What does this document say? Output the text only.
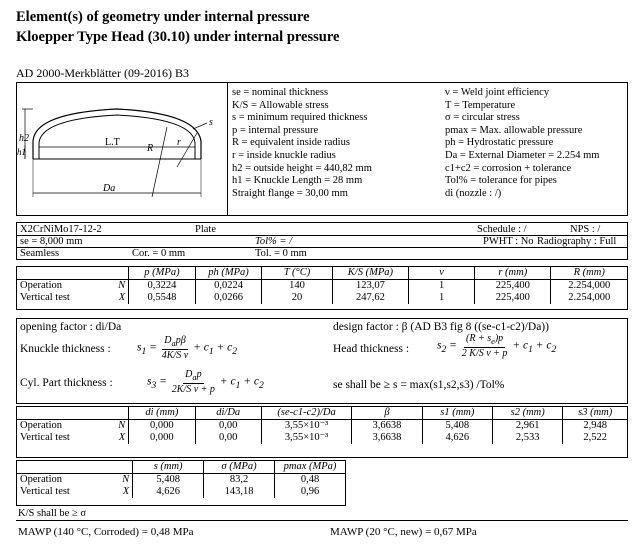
Element(s) of geometry under internal pressure
Kloepper Type Head (30.10) under internal pressure
AD 2000-Merkblätter (09-2016) B3
h2
h1
L.T
R
r
s
Da
se = nominal thickness
K/S = Allowable stress
s = minimum required thickness
p = internal pressure
R = equivalent inside radius
r = inside knuckle radius
h2 = outside height = 440,82 mm
h1 = Knuckle Length = 28 mm
Straight flange = 30,00 mm
ν = Weld joint efficiency
T = Temperature
σ = circular stress
pmax = Max. allowable pressure
ph = Hydrostatic pressure
Da = External Diameter = 2.254 mm
c1+c2 = corrosion + tolerance
Tol% = tolerance for pipes
di (nozzle : /)
X2CrNiMo17-12-2	Plate	Schedule : /	NPS : /
se = 8,000 mm	Tol% = /	PWHT : No Radiography : Full
Seamless	Cor. = 0 mm	Tol. = 0 mm
		p (MPa)	ph (MPa)	T (°C)	K/S (MPa)	ν	r (mm)	R (mm)
Operation	N	0,3224	0,0224	140	123,07	1	225,400	2.254,000
Vertical test	X	0,5548	0,0266	20	247,62	1	225,400	2.254,000
opening factor : di/Da	design factor : β (AD B3 fig 8 ((se-c1-c2)/Da))
Knuckle thickness : $s_1 = \frac{D_ap\beta}{\text{4K/S ν}} + c_1 + c_2$	Head thickness : $s_2 = \frac{(R + s_e)p}{\text{2 K/S ν + p}} + c_1 + c_2$
Cyl. Part thickness :	$s_3 = \frac{D_ap}{\text{2K/S ν + p}} + c_1 + c_2$	se shall be ≥ s = max(s1,s2,s3) /Tol%
		di (mm)	di/Da	(se-c1-c2)/Da	β	s1 (mm)	s2 (mm)	s3 (mm)
Operation	N	0,000	0,00	3,55×10⁻³	3,6638	5,408	2,961	2,948
Vertical test	X	0,000	0,00	3,55×10⁻³	3,6638	4,626	2,533	2,522
		s (mm)	σ (MPa)	pmax (MPa)
Operation	N	5,408	83,2	0,48
Vertical test	X	4,626	143,18	0,96
K/S shall be ≥ σ
MAWP (140 °C, Corroded) = 0,48 MPa	MAWP (20 °C, new) = 0,67 MPa
